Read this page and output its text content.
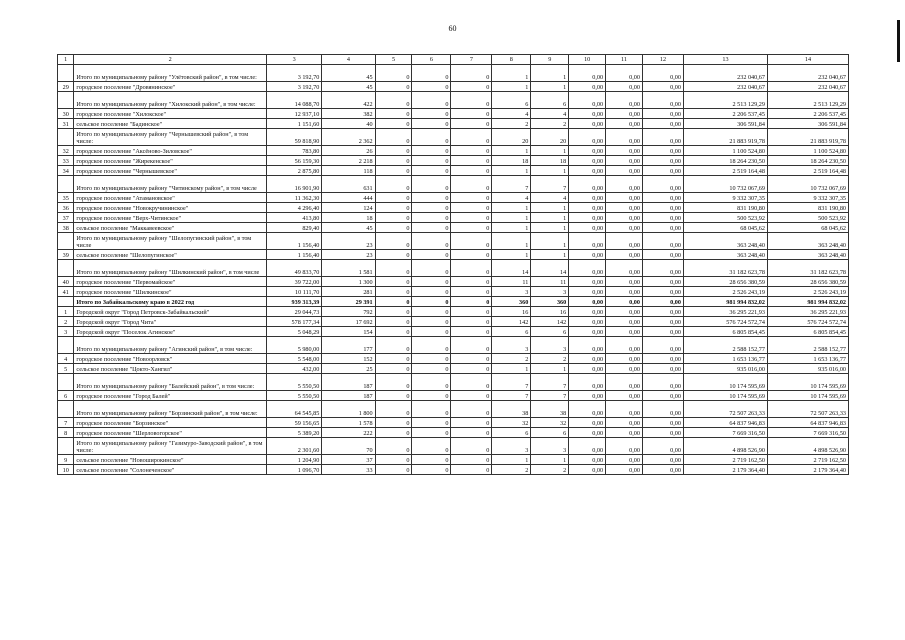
60
1	2	3	4	5	6	7	8	9	10	11	12	13	14
	Итого по муниципальному району "Улётовский район", в том числе:	3 192,70	45	0	0	0	1	1	0,00	0,00	0,00	232 040,67	232 040,67
29	городское поселение "Дровянинское"	3 192,70	45	0	0	0	1	1	0,00	0,00	0,00	232 040,67	232 040,67
	Итого по муниципальному району "Хилокский район", в том числе:	14 088,70	422	0	0	0	6	6	0,00	0,00	0,00	2 513 129,29	2 513 129,29
30	городское поселение "Хилокское"	12 937,10	382	0	0	0	4	4	0,00	0,00	0,00	2 206 537,45	2 206 537,45
31	сельское поселение "Бадинское"	1 151,60	40	0	0	0	2	2	0,00	0,00	0,00	306 591,84	306 591,84
	Итого по муниципальному району "Чернышевский район", в том числе:	59 818,90	2 362	0	0	0	20	20	0,00	0,00	0,00	21 883 919,78	21 883 919,78
32	городское поселение "Аксёново-Зиловское"	783,80	26	0	0	0	1	1	0,00	0,00	0,00	1 100 524,80	1 100 524,80
33	городское поселение "Жирекенское"	56 159,30	2 218	0	0	0	18	18	0,00	0,00	0,00	18 264 230,50	18 264 230,50
34	городское поселение "Чернышевское"	2 875,80	118	0	0	0	1	1	0,00	0,00	0,00	2 519 164,48	2 519 164,48
	Итого по муниципальному району "Читинскому район", в том числе	16 901,90	631	0	0	0	7	7	0,00	0,00	0,00	10 732 067,69	10 732 067,69
35	городское поселение "Атамановское"	11 362,30	444	0	0	0	4	4	0,00	0,00	0,00	9 332 307,35	9 332 307,35
36	городское поселение "Новокручининское"	4 296,40	124	0	0	0	1	1	0,00	0,00	0,00	831 190,80	831 190,80
37	городское поселение "Верх-Читинское"	413,80	18	0	0	0	1	1	0,00	0,00	0,00	500 523,92	500 523,92
38	сельское поселение "Маккавеевское"	829,40	45	0	0	0	1	1	0,00	0,00	0,00	68 045,62	68 045,62
	Итого по муниципальному району "Шелопугинский район", в том числе	1 156,40	23	0	0	0	1	1	0,00	0,00	0,00	363 248,40	363 248,40
39	сельское поселение "Шелопугинское"	1 156,40	23	0	0	0	1	1	0,00	0,00	0,00	363 248,40	363 248,40
	Итого по муниципальному району "Шилкинский район", в том числе	49 833,70	1 581	0	0	0	14	14	0,00	0,00	0,00	31 182 623,78	31 182 623,78
40	городское поселение "Первомайское"	39 722,00	1 300	0	0	0	11	11	0,00	0,00	0,00	28 656 380,59	28 656 380,59
41	городское поселение "Шилкинское"	10 111,70	281	0	0	0	3	3	0,00	0,00	0,00	2 526 243,19	2 526 243,19
	Итого по Забайкальскому краю в 2022 год	939 313,39	29 391	0	0	0	360	360	0,00	0,00	0,00	981 994 832,02	981 994 832,02
1	Городской округ "Город Петровск-Забайкальский"	29 044,73	792	0	0	0	16	16	0,00	0,00	0,00	36 295 221,93	36 295 221,93
2	Городской округ "Город Чита"	578 177,34	17 692	0	0	0	142	142	0,00	0,00	0,00	576 724 572,74	576 724 572,74
3	Городской округ "Поселок Агинское"	5 048,29	154	0	0	0	6	6	0,00	0,00	0,00	6 805 854,45	6 805 854,45
	Итого по муниципальному району "Агинский район", в том числе:	5 980,00	177	0	0	0	3	3	0,00	0,00	0,00	2 588 152,77	2 588 152,77
4	городское поселение "Новоорловск"	5 548,00	152	0	0	0	2	2	0,00	0,00	0,00	1 653 136,77	1 653 136,77
5	сельское поселение "Цокто-Хангил"	432,00	25	0	0	0	1	1	0,00	0,00	0,00	935 016,00	935 016,00
	Итого по муниципальному району "Балейский район", в том числе:	5 550,50	187	0	0	0	7	7	0,00	0,00	0,00	10 174 595,69	10 174 595,69
6	городское поселение "Город Балей"	5 550,50	187	0	0	0	7	7	0,00	0,00	0,00	10 174 595,69	10 174 595,69
	Итого по муниципальному району "Борзинский район", в том числе:	64 545,85	1 800	0	0	0	38	38	0,00	0,00	0,00	72 507 263,33	72 507 263,33
7	городское поселение "Борзинское"	59 156,65	1 578	0	0	0	32	32	0,00	0,00	0,00	64 837 946,83	64 837 946,83
8	городское поселение "Шерловогорское"	5 389,20	222	0	0	0	6	6	0,00	0,00	0,00	7 669 316,50	7 669 316,50
	Итого по муниципальному району "Газимуро-Заводский район", в том числе:	2 301,60	70	0	0	0	3	3	0,00	0,00	0,00	4 898 526,90	4 898 526,90
9	сельское поселение "Новоширокинское"	1 204,90	37	0	0	0	1	1	0,00	0,00	0,00	2 719 162,50	2 719 162,50
10	сельское поселение "Солонеченское"	1 096,70	33	0	0	0	2	2	0,00	0,00	0,00	2 179 364,40	2 179 364,40
